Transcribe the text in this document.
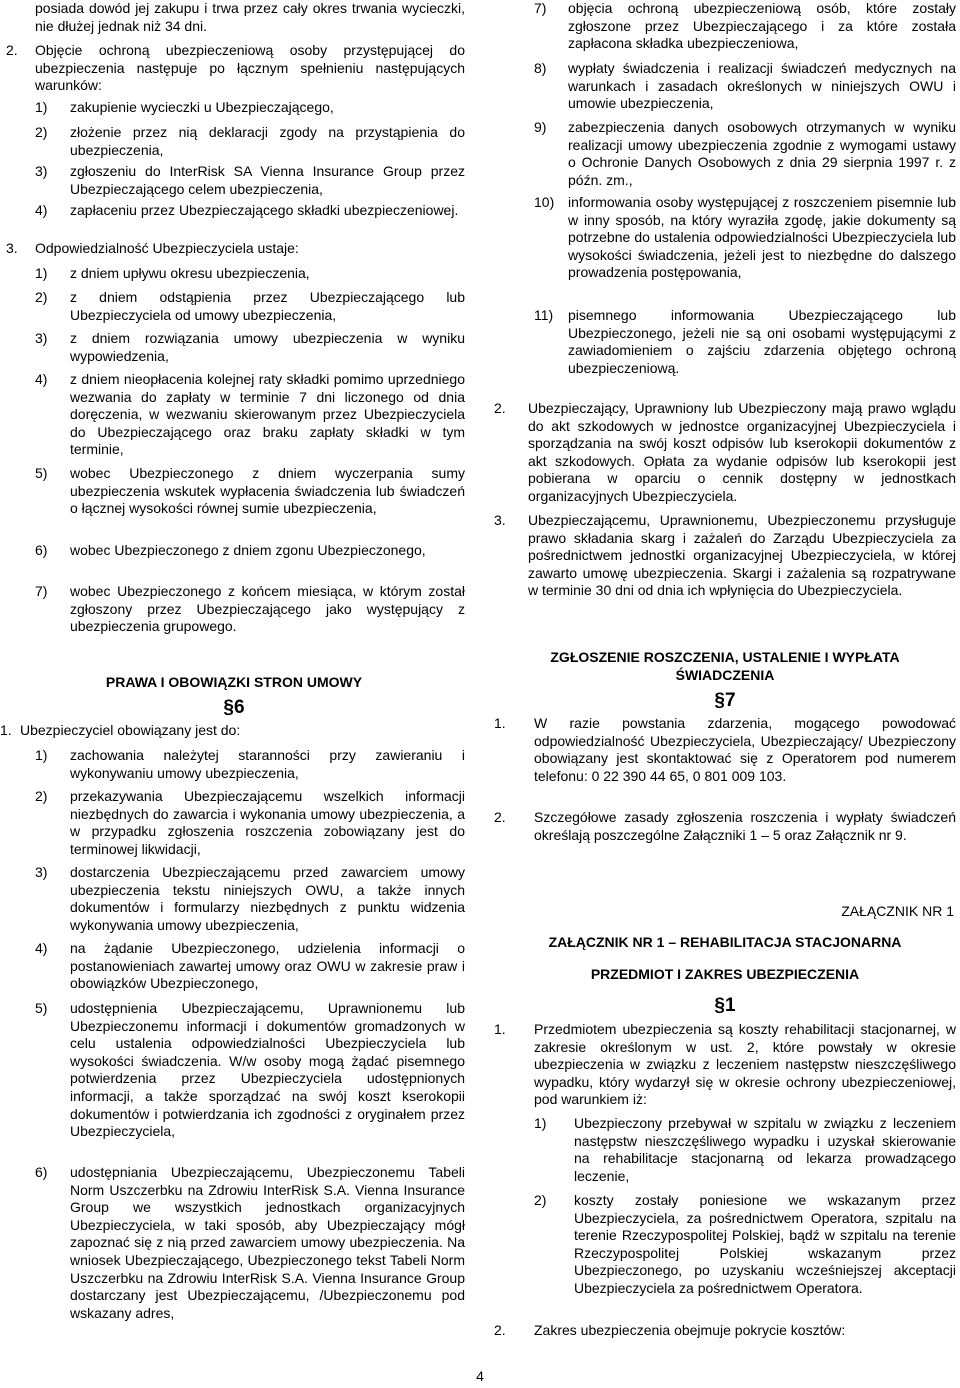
posiada dowód jej zakupu i trwa przez cały okres trwania wycieczki, nie dłużej jednak niż 34 dni.

2. Objęcie ochroną ubezpieczeniową osoby przystępującej do ubezpieczenia następuje po łącznym spełnieniu następujących warunków:

1) zakupienie wycieczki u Ubezpieczającego,

2) złożenie przez nią deklaracji zgody na przystąpienia do ubezpieczenia,

3) zgłoszeniu do InterRisk SA Vienna Insurance Group przez Ubezpieczającego celem ubezpieczenia,

4) zapłaceniu przez Ubezpieczającego składki ubezpieczeniowej.

3. Odpowiedzialność Ubezpieczyciela ustaje:

1) z dniem upływu okresu ubezpieczenia,

2) z dniem odstąpienia przez Ubezpieczającego lub Ubezpieczyciela od umowy ubezpieczenia,

3) z dniem rozwiązania umowy ubezpieczenia w wyniku wypowiedzenia,

4) z dniem nieopłacenia kolejnej raty składki pomimo uprzedniego wezwania do zapłaty w terminie 7 dni liczonego od dnia doręczenia, w wezwaniu skierowanym przez Ubezpieczyciela do Ubezpieczającego oraz braku zapłaty składki w tym terminie,

5) wobec Ubezpieczonego z dniem wyczerpania sumy ubezpieczenia wskutek wypłacenia świadczenia lub świadczeń o łącznej wysokości równej sumie ubezpieczenia,

6) wobec Ubezpieczonego z dniem zgonu Ubezpieczonego,

7) wobec Ubezpieczonego z końcem miesiąca, w którym został zgłoszony przez Ubezpieczającego jako występujący z ubezpieczenia grupowego.

PRAWA I OBOWIĄZKI STRON UMOWY

§6

1. Ubezpieczyciel obowiązany jest do:

1) zachowania należytej staranności przy zawieraniu i wykonywaniu umowy ubezpieczenia,

2) przekazywania Ubezpieczającemu wszelkich informacji niezbędnych do zawarcia i wykonania umowy ubezpieczenia, a w przypadku zgłoszenia roszczenia zobowiązany jest do terminowej likwidacji,

3) dostarczenia Ubezpieczającemu przed zawarciem umowy ubezpieczenia tekstu niniejszych OWU, a także innych dokumentów i formularzy niezbędnych z punktu widzenia wykonywania umowy ubezpieczenia,

4) na żądanie Ubezpieczonego, udzielenia informacji o postanowieniach zawartej umowy oraz OWU w zakresie praw i obowiązków Ubezpieczonego,

5) udostępnienia Ubezpieczającemu, Uprawnionemu lub Ubezpieczonemu informacji i dokumentów gromadzonych w celu ustalenia odpowiedzialności Ubezpieczyciela lub wysokości świadczenia. W/w osoby mogą żądać pisemnego potwierdzenia przez Ubezpieczyciela udostępnionych informacji, a także sporządzać na swój koszt kserokopii dokumentów i potwierdzania ich zgodności z oryginałem przez Ubezpieczyciela,

6) udostępniania Ubezpieczającemu, Ubezpieczonemu Tabeli Norm Uszczerbku na Zdrowiu InterRisk S.A. Vienna Insurance Group we wszystkich jednostkach organizacyjnych Ubezpieczyciela, w taki sposób, aby Ubezpieczający mógł zapoznać się z nią przed zawarciem umowy ubezpieczenia. Na wniosek Ubezpieczającego, Ubezpieczonego tekst Tabeli Norm Uszczerbku na Zdrowiu InterRisk S.A. Vienna Insurance Group dostarczany jest Ubezpieczającemu, /Ubezpieczonemu pod wskazany adres,

7) objęcia ochroną ubezpieczeniową osób, które zostały zgłoszone przez Ubezpieczającego i za które została zapłacona składka ubezpieczeniowa,

8) wypłaty świadczenia i realizacji świadczeń medycznych na warunkach i zasadach określonych w niniejszych OWU i umowie ubezpieczenia,

9) zabezpieczenia danych osobowych otrzymanych w wyniku realizacji umowy ubezpieczenia zgodnie z wymogami ustawy o Ochronie Danych Osobowych z dnia 29 sierpnia 1997 r. z późn. zm.,

10) informowania osoby występującej z roszczeniem pisemnie lub w inny sposób, na który wyraziła zgodę, jakie dokumenty są potrzebne do ustalenia odpowiedzialności Ubezpieczyciela lub wysokości świadczenia, jeżeli jest to niezbędne do dalszego prowadzenia postępowania,

11) pisemnego informowania Ubezpieczającego lub Ubezpieczonego, jeżeli nie są oni osobami występującymi z zawiadomieniem o zajściu zdarzenia objętego ochroną ubezpieczeniową.

2. Ubezpieczający, Uprawniony lub Ubezpieczony mają prawo wglądu do akt szkodowych w jednostce organizacyjnej Ubezpieczyciela i sporządzania na swój koszt odpisów lub kserokopii dokumentów z akt szkodowych. Opłata za wydanie odpisów lub kserokopii jest pobierana w oparciu o cennik dostępny w jednostkach organizacyjnych Ubezpieczyciela.

3. Ubezpieczającemu, Uprawnionemu, Ubezpieczonemu przysługuje prawo składania skarg i zażaleń do Zarządu Ubezpieczyciela za pośrednictwem jednostki organizacyjnej Ubezpieczyciela, w której zawarto umowę ubezpieczenia. Skargi i zażalenia są rozpatrywane w terminie 30 dni od dnia ich wpłynięcia do Ubezpieczyciela.

ZGŁOSZENIE ROSZCZENIA, USTALENIE I WYPŁATA ŚWIADCZENIA

§7

1. W razie powstania zdarzenia, mogącego powodować odpowiedzialność Ubezpieczyciela, Ubezpieczający/ Ubezpieczony obowiązany jest skontaktować się z Operatorem pod numerem telefonu: 0 22 390 44 65, 0 801 009 103.

2. Szczegółowe zasady zgłoszenia roszczenia i wypłaty świadczeń określają poszczególne Załączniki 1 – 5 oraz Załącznik nr 9.

ZAŁĄCZNIK NR 1

ZAŁĄCZNIK NR 1 – REHABILITACJA STACJONARNA

PRZEDMIOT I ZAKRES UBEZPIECZENIA

§1

1. Przedmiotem ubezpieczenia są koszty rehabilitacji stacjonarnej, w zakresie określonym w ust. 2, które powstały w okresie ubezpieczenia w związku z leczeniem następstw nieszczęśliwego wypadku, który wydarzył się w okresie ochrony ubezpieczeniowej, pod warunkiem iż:

1) Ubezpieczony przebywał w szpitalu w związku z leczeniem następstw nieszczęśliwego wypadku i uzyskał skierowanie na rehabilitacje stacjonarną od lekarza prowadzącego leczenie,

2) koszty zostały poniesione we wskazanym przez Ubezpieczyciela, za pośrednictwem Operatora, szpitalu na terenie Rzeczypospolitej Polskiej, bądź w szpitalu na terenie Rzeczypospolitej Polskiej wskazanym przez Ubezpieczonego, po uzyskaniu wcześniejszej akceptacji Ubezpieczyciela za pośrednictwem Operatora.

2. Zakres ubezpieczenia obejmuje pokrycie kosztów:

4
